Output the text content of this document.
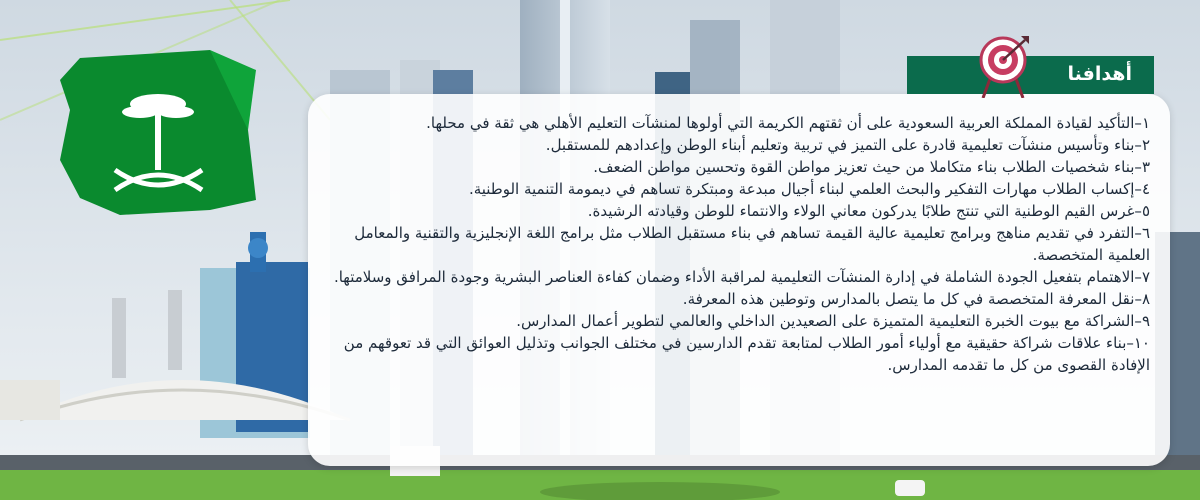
أهدافنا
١–التأكيد لقيادة المملكة العربية السعودية على أن ثقتهم الكريمة التي أولوها لمنشآت التعليم الأهلي هي ثقة في محلها.
٢–بناء وتأسيس منشآت تعليمية قادرة على التميز في تربية وتعليم أبناء الوطن وإعدادهم للمستقبل.
٣–بناء شخصيات الطلاب بناء متكاملا من حيث تعزيز مواطن القوة وتحسين مواطن الضعف.
٤–إكساب الطلاب مهارات التفكير والبحث العلمي لبناء أجيال مبدعة ومبتكرة تساهم في ديمومة التنمية الوطنية.
٥–غرس القيم الوطنية التي تنتج طلابًا يدركون معاني الولاء والانتماء للوطن وقيادته الرشيدة.
٦–التفرد في تقديم مناهج وبرامج تعليمية عالية القيمة تساهم في بناء مستقبل الطلاب مثل برامج اللغة الإنجليزية والتقنية والمعامل العلمية المتخصصة.
٧–الاهتمام بتفعيل الجودة الشاملة في إدارة المنشآت التعليمية لمراقبة الأداء وضمان كفاءة العناصر البشرية وجودة المرافق وسلامتها.
٨–نقل المعرفة المتخصصة في كل ما يتصل بالمدارس وتوطين هذه المعرفة.
٩–الشراكة مع بيوت الخبرة التعليمية المتميزة على الصعيدين الداخلي والعالمي لتطوير أعمال المدارس.
١٠–بناء علاقات شراكة حقيقية مع أولياء أمور الطلاب لمتابعة تقدم الدارسين في مختلف الجوانب وتذليل العوائق التي قد تعوقهم من الإفادة القصوى من كل ما تقدمه المدارس.
